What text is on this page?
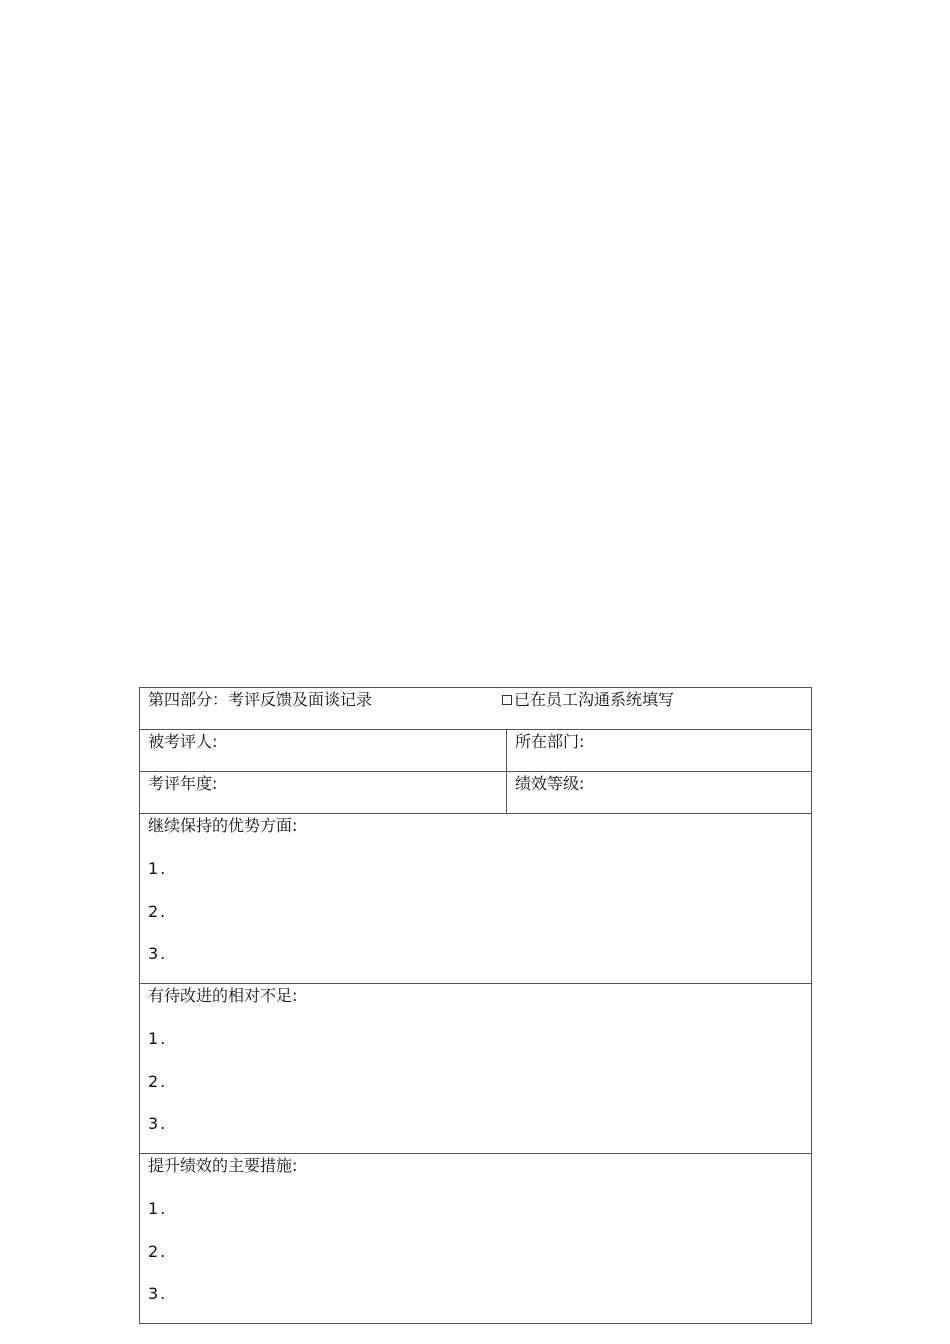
第四部分：考评反馈及面谈记录 已在员工沟通系统填写	

被考评人:	所在部门:
考评年度:	绩效等级:

继续保持的优势方面:
1.
2.
3.	

有待改进的相对不足:
1.
2.
3.	

提升绩效的主要措施:
1.
2.
3.	
